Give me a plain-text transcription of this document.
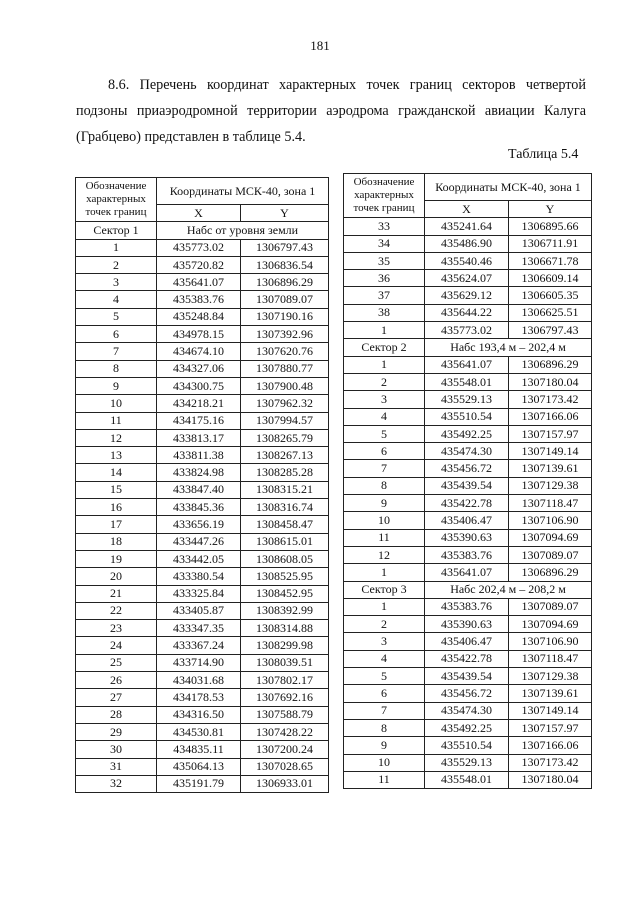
181
8.6. Перечень координат характерных точек границ секторов четвертой подзоны приаэродромной территории аэродрома гражданской авиации Калуга (Грабцево) представлен в таблице 5.4.
Таблица 5.4
Обозначение характерных точек границ	Координаты МСК-40, зона 1	
	X	Y
Сектор 1	Набс от уровня земли	
1	435773.02	1306797.43
2	435720.82	1306836.54
3	435641.07	1306896.29
4	435383.76	1307089.07
5	435248.84	1307190.16
6	434978.15	1307392.96
7	434674.10	1307620.76
8	434327.06	1307880.77
9	434300.75	1307900.48
10	434218.21	1307962.32
11	434175.16	1307994.57
12	433813.17	1308265.79
13	433811.38	1308267.13
14	433824.98	1308285.28
15	433847.40	1308315.21
16	433845.36	1308316.74
17	433656.19	1308458.47
18	433447.26	1308615.01
19	433442.05	1308608.05
20	433380.54	1308525.95
21	433325.84	1308452.95
22	433405.87	1308392.99
23	433347.35	1308314.88
24	433367.24	1308299.98
25	433714.90	1308039.51
26	434031.68	1307802.17
27	434178.53	1307692.16
28	434316.50	1307588.79
29	434530.81	1307428.22
30	434835.11	1307200.24
31	435064.13	1307028.65
32	435191.79	1306933.01
Обозначение характерных точек границ	Координаты МСК-40, зона 1	
	X	Y
33	435241.64	1306895.66
34	435486.90	1306711.91
35	435540.46	1306671.78
36	435624.07	1306609.14
37	435629.12	1306605.35
38	435644.22	1306625.51
1	435773.02	1306797.43
Сектор 2	Набс 193,4 м – 202,4 м	
1	435641.07	1306896.29
2	435548.01	1307180.04
3	435529.13	1307173.42
4	435510.54	1307166.06
5	435492.25	1307157.97
6	435474.30	1307149.14
7	435456.72	1307139.61
8	435439.54	1307129.38
9	435422.78	1307118.47
10	435406.47	1307106.90
11	435390.63	1307094.69
12	435383.76	1307089.07
1	435641.07	1306896.29
Сектор 3	Набс 202,4 м – 208,2 м	
1	435383.76	1307089.07
2	435390.63	1307094.69
3	435406.47	1307106.90
4	435422.78	1307118.47
5	435439.54	1307129.38
6	435456.72	1307139.61
7	435474.30	1307149.14
8	435492.25	1307157.97
9	435510.54	1307166.06
10	435529.13	1307173.42
11	435548.01	1307180.04
